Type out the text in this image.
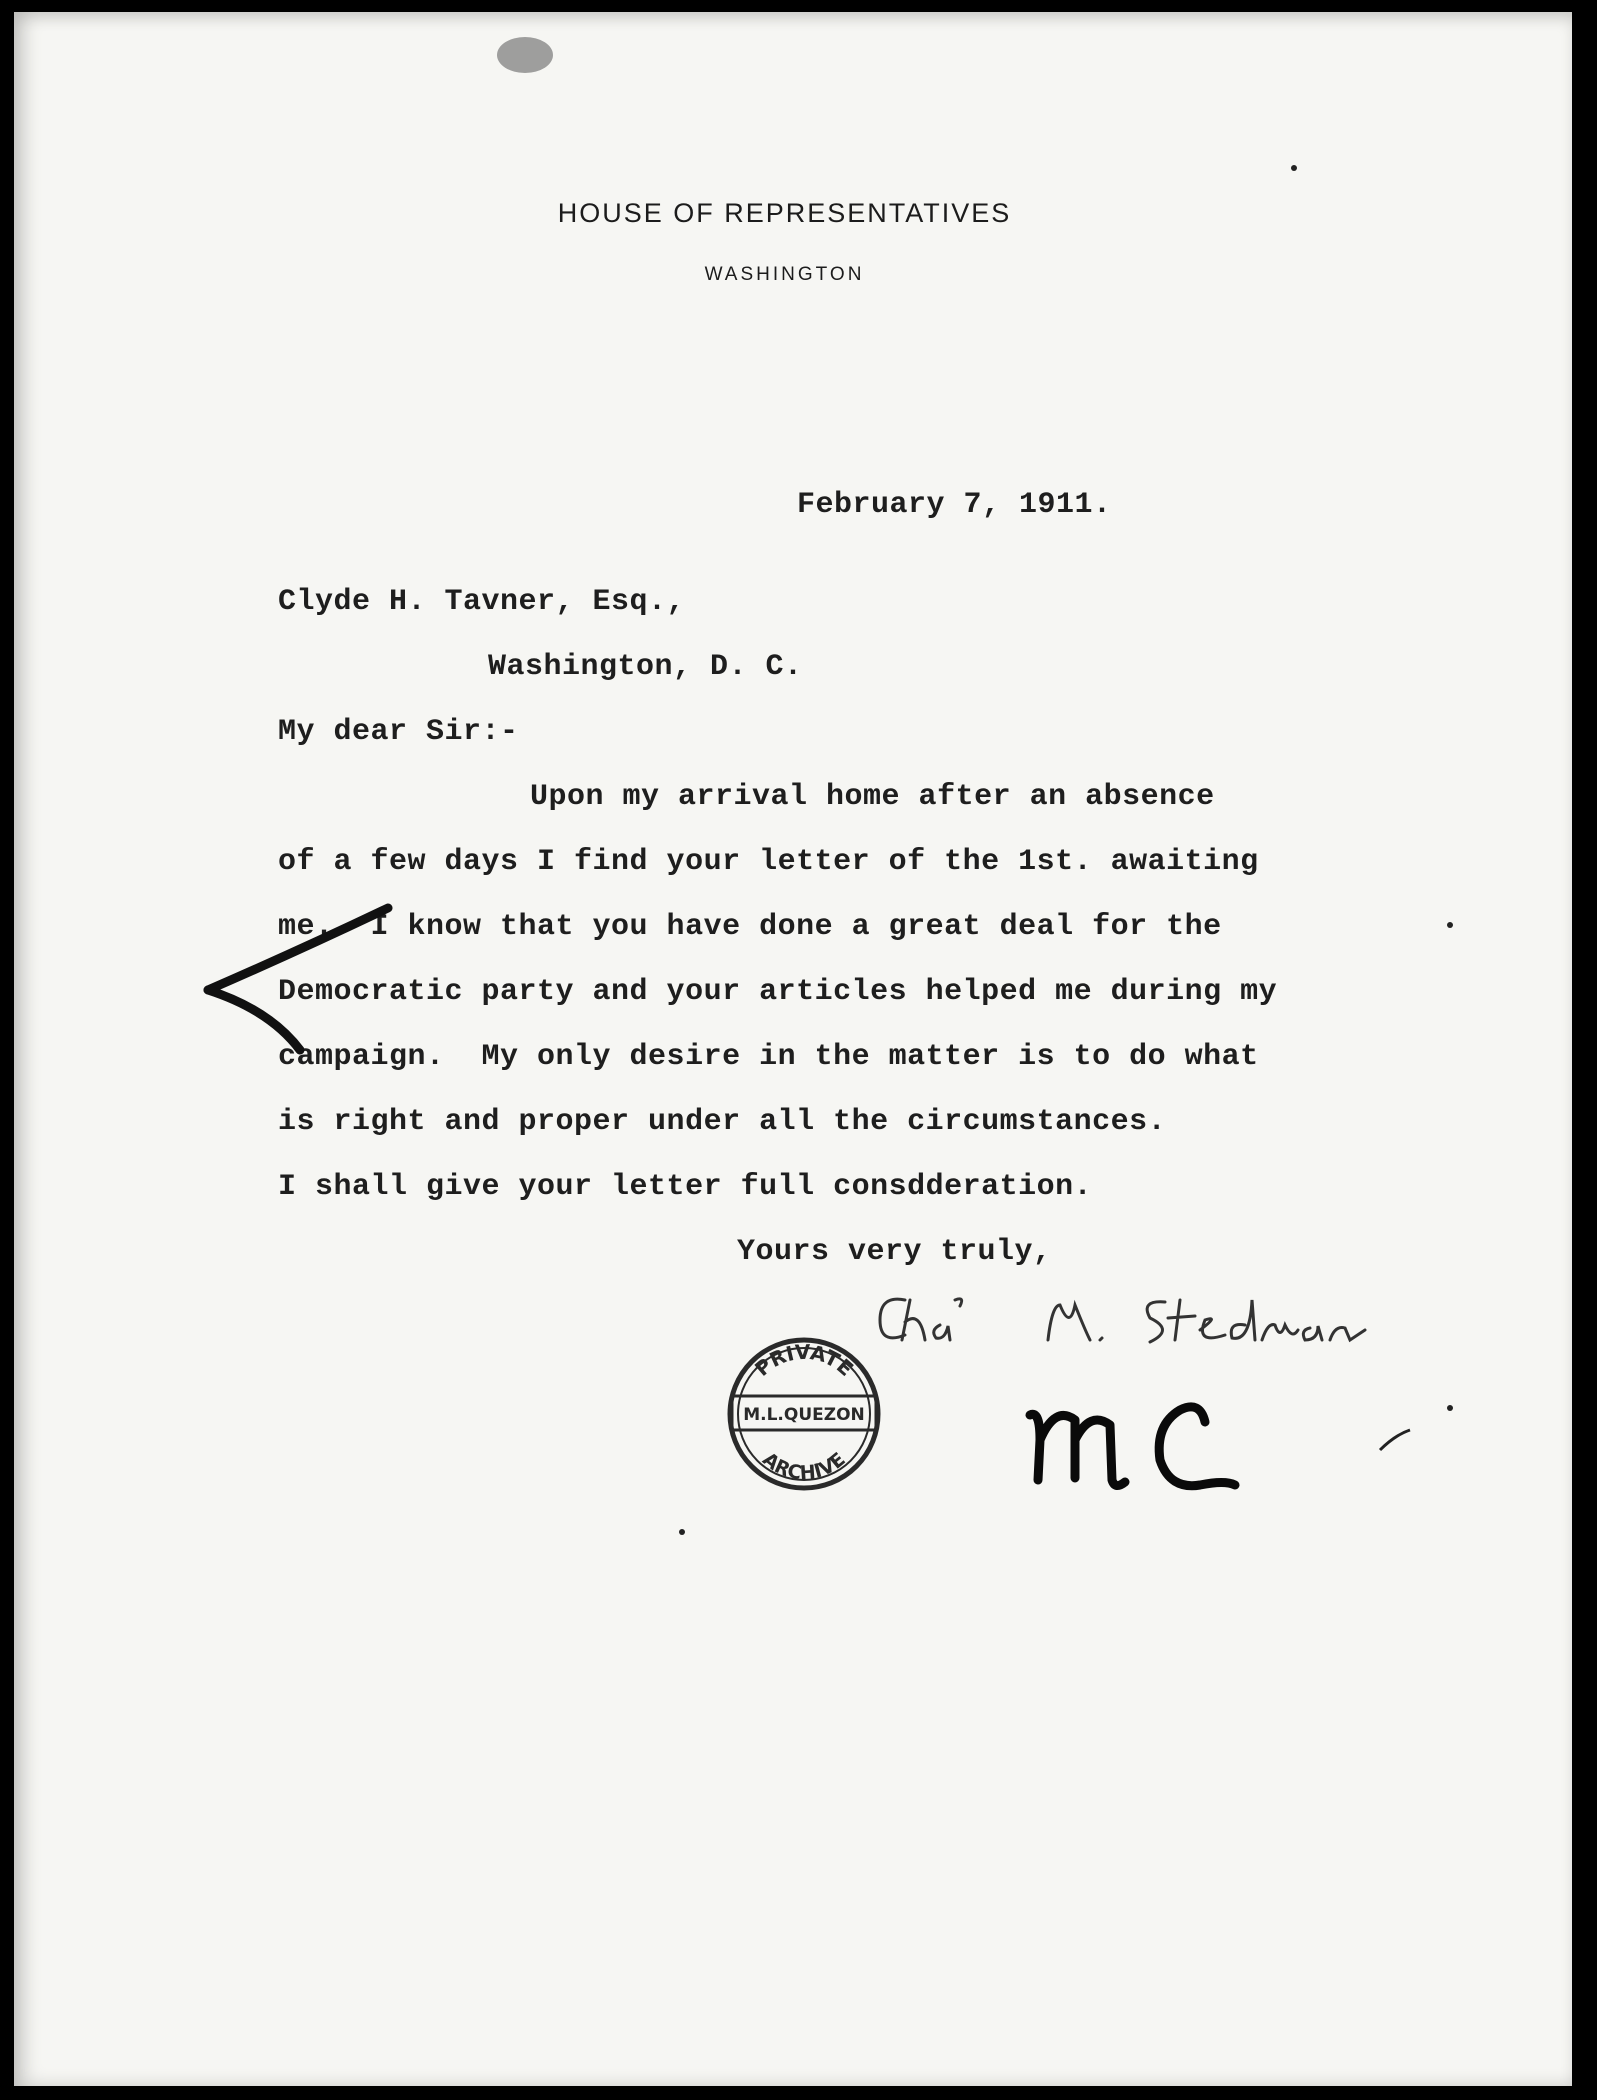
HOUSE OF REPRESENTATIVES
WASHINGTON
February 7, 1911.
Clyde H. Tavner, Esq.,
Washington, D. C.
My dear Sir:-
Upon my arrival home after an absence
of a few days I find your letter of the 1st. awaiting
me.  I know that you have done a great deal for the
Democratic party and your articles helped me during my
campaign.  My only desire in the matter is to do what
is right and proper under all the circumstances.
I shall give your letter full consdderation.
Yours very truly,
PRIVATE
M.L.QUEZON
ARCHIVE
